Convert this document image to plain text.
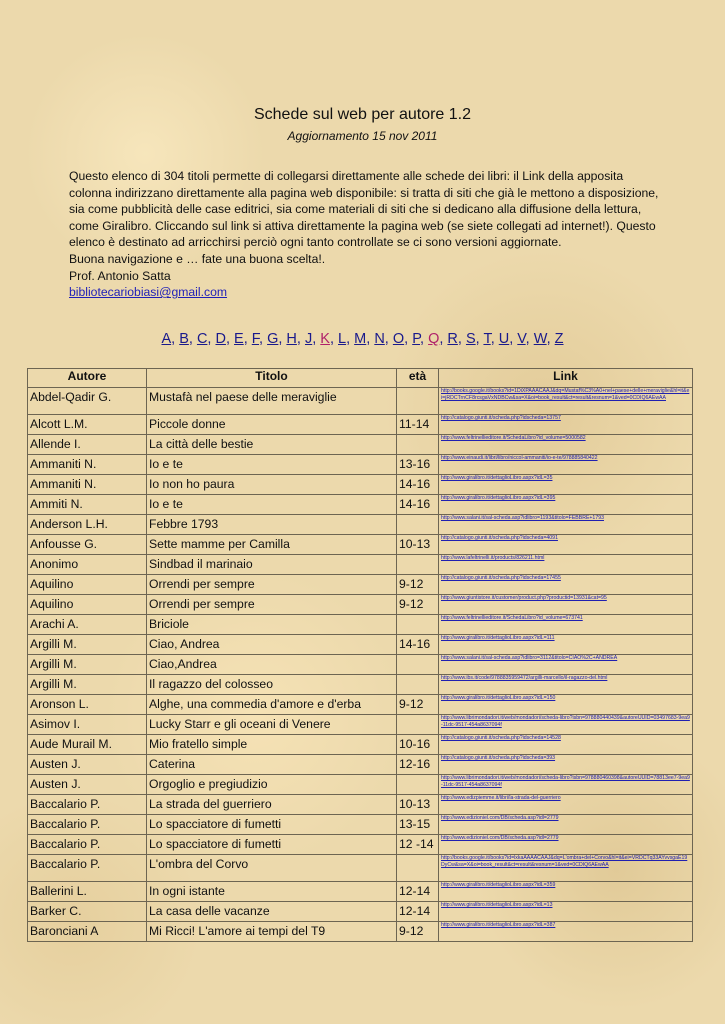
Schede sul web per autore 1.2
Aggiornamento 15 nov 2011

Questo elenco di 304 titoli permette di collegarsi direttamente alle schede dei libri: il Link della apposita colonna indirizzano direttamente alla pagina web disponibile: si tratta di siti che già le mettono a disposizione, sia come pubblicità delle case editrici, sia come materiali di siti che si dedicano alla diffusione della lettura, come Giralibro. Cliccando sul link si attiva direttamente la pagina web (se siete collegati ad internet!). Questo elenco è destinato ad arricchirsi perciò ogni tanto controllate se ci sono versioni aggiornate.

Buona navigazione e … fate una buona scelta!.

Prof. Antonio Satta

bibliotecariobiasi@gmail.com

A, B, C, D, E, F, G, H, J, K, L, M, N, O, P, Q, R, S, T, U, V, W, Z
Autore	Titolo	età	Link
Abdel-Qadir G.	Mustafà nel paese delle meraviglie		http://books.google.it/books?id=1DiXPAAACAAJ&dq=Mustaf%C3%A0+nel+paese+delle+meraviglie&hl=it&ei=jRDCTrnCF8rcsgaVxNDBCw&sa=X&oi=book_result&ct=result&resnum=1&ved=0CDIQ6AEwAA
Alcott L.M.	Piccole donne	11-14	http://catalogo.giunti.it/scheda.php?idscheda=13757
Allende I.	La città delle bestie		http://www.feltrinellieditore.it/SchedaLibro?id_volume=5000582
Ammaniti N.	Io e te	13-16	http://www.einaudi.it/libri/libro/niccol-ammaniti/io-e-te/978885840422
Ammaniti N.	Io non ho paura	14-16	http://www.giralibro.it/dettaglioLibro.aspx?idL=35
Ammiti N.	Io e te	14-16	http://www.giralibro.it/dettaglioLibro.aspx?idL=395
Anderson L.H.	Febbre 1793		http://www.salani.it/sal-scheda.asp?idlibro=1193&titolo=FEBBRE+1793
Anfousse G.	Sette mamme per Camilla	10-13	http://catalogo.giunti.it/scheda.php?idscheda=4091
Anonimo	Sindbad il marinaio		http://www.lafeltrinelli.it/products/826211.html
Aquilino	Orrendi per sempre	9-12	http://catalogo.giunti.it/scheda.php?idscheda=17455
Aquilino	Orrendi per sempre	9-12	http://www.giuntistore.it/customer/product.php?productid=13931&cat=95
Arachi A.	Briciole		http://www.feltrinellieditore.it/SchedaLibro?id_volume=673741
Argilli M.	Ciao, Andrea	14-16	http://www.giralibro.it/dettaglioLibro.aspx?idL=111
Argilli M.	Ciao,Andrea		http://www.salani.it/sal-scheda.asp?idlibro=3112&titolo=CIAO%2C+ANDREA
Argilli M.	Il ragazzo del colosseo		http://www.ibs.it/code/9788835959472/argilli-marcello/il-ragazzo-del.html
Aronson L.	Alghe, una commedia d'amore e d'erba	9-12	http://www.giralibro.it/dettaglioLibro.aspx?idL=150
Asimov I.	Lucky Starr e gli oceani di Venere		http://www.librimondadori.it/web/mondadori/scheda-libro?isbn=978880440439&autoreUUID=03497683-9ea9-11dc-9517-454a8637094f
Aude Murail M.	Mio fratello simple	10-16	http://catalogo.giunti.it/scheda.php?idscheda=14528
Austen J.	Caterina	12-16	http://catalogo.giunti.it/scheda.php?idscheda=393
Austen J.	Orgoglio e pregiudizio		http://www.librimondadori.it/web/mondadori/scheda-libro?isbn=978880460398&autoreUUID=78813ee7-9ea9-11dc-9517-454a8637094f
Baccalario P.	La strada del guerriero	10-13	http://www.edizpiemme.it/libri/la-strada-del-guerriero
Baccalario P.	Lo spacciatore di fumetti	13-15	http://www.edizioniel.com/DB/scheda.asp?idl=2779
Baccalario P.	Lo spacciatore di fumetti	12 -14	http://www.edizioniel.com/DB/scheda.asp?idl=2779
Baccalario P.	L'ombra del Corvo		http://books.google.it/books?id=lxkaAAAACAAJ&dq=L'ombra+del+Corvo&hl=it&ei=VRDCTq33AYvvsgaE19DyCw&sa=X&oi=book_result&ct=result&resnum=1&ved=0CDIQ6AEwAA
Ballerini L.	In ogni istante	12-14	http://www.giralibro.it/dettaglioLibro.aspx?idL=359
Barker C.	La casa delle vacanze	12-14	http://www.giralibro.it/dettaglioLibro.aspx?idL=13
Baronciani A	Mi Ricci! L'amore ai tempi del T9	9-12	http://www.giralibro.it/dettaglioLibro.aspx?idL=387
